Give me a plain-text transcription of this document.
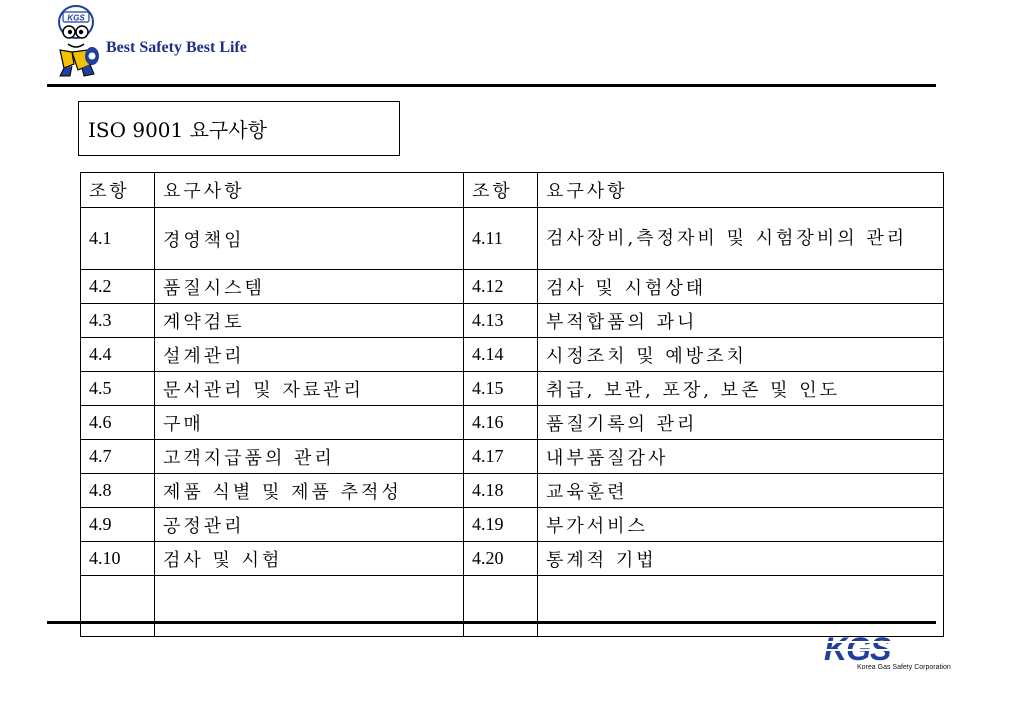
KGS
Best Safety Best Life
ISO 9001 요구사항
조항	요구사항	조항	요구사항
4.1	경영책임	4.11	검사장비,측정자비 및 시험장비의 관리
4.2	품질시스템	4.12	검사 및 시험상태
4.3	계약검토	4.13	부적합품의 과니
4.4	설계관리	4.14	시정조치 및 예방조치
4.5	문서관리 및 자료관리	4.15	취급, 보관, 포장, 보존 및 인도
4.6	구매	4.16	품질기록의 관리
4.7	고객지급품의 관리	4.17	내부품질감사
4.8	제품 식별 및 제품 추적성	4.18	교육훈련
4.9	공정관리	4.19	부가서비스
4.10	검사 및 시험	4.20	통계적 기법

KGS
Korea Gas Safety Corporation
